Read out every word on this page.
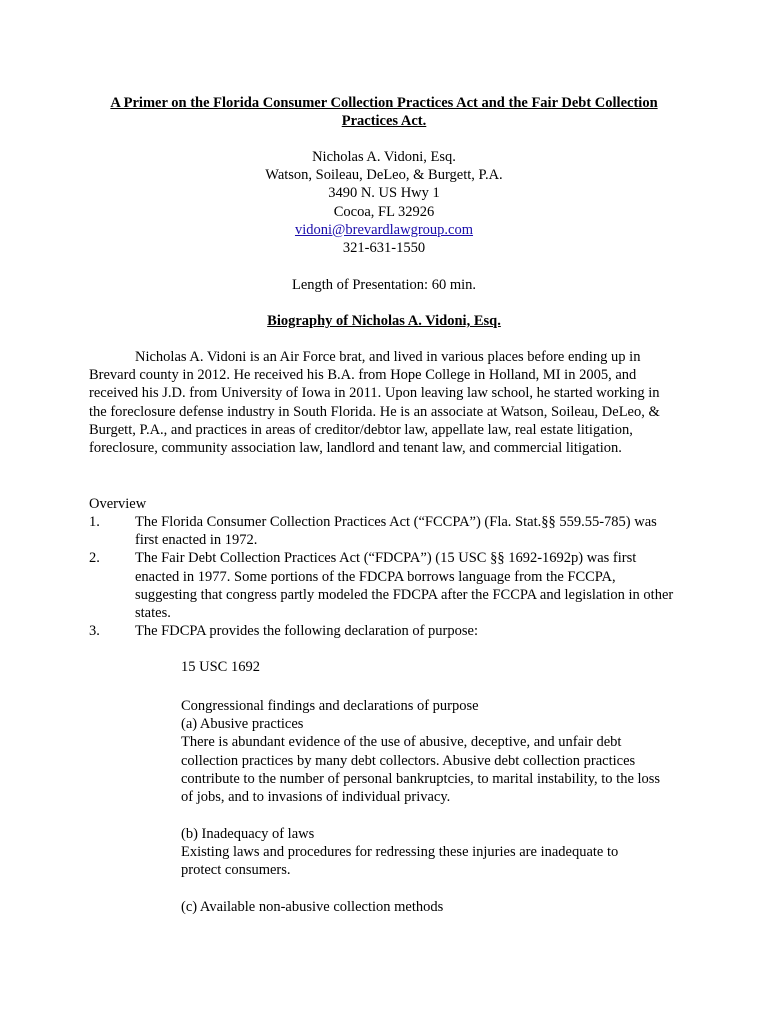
A Primer on the Florida Consumer Collection Practices Act and the Fair Debt Collection Practices Act.
Nicholas A. Vidoni, Esq.
Watson, Soileau, DeLeo, & Burgett, P.A.
3490 N. US Hwy 1
Cocoa, FL 32926
vidoni@brevardlawgroup.com
321-631-1550
Length of Presentation: 60 min.
Biography of Nicholas A. Vidoni, Esq.
Nicholas A. Vidoni is an Air Force brat, and lived in various places before ending up in Brevard county in 2012. He received his B.A. from Hope College in Holland, MI in 2005, and received his J.D. from University of Iowa in 2011. Upon leaving law school, he started working in the foreclosure defense industry in South Florida. He is an associate at Watson, Soileau, DeLeo, & Burgett, P.A., and practices in areas of creditor/debtor law, appellate law, real estate litigation, foreclosure, community association law, landlord and tenant law, and commercial litigation.
Overview
1.	The Florida Consumer Collection Practices Act (“FCCPA”) (Fla. Stat.§§ 559.55-785) was first enacted in 1972.
2.	The Fair Debt Collection Practices Act (“FDCPA”) (15 USC §§ 1692-1692p) was first enacted in 1977. Some portions of the FDCPA borrows language from the FCCPA, suggesting that congress partly modeled the FDCPA after the FCCPA and legislation in other states.
3.	The FDCPA provides the following declaration of purpose:
15 USC 1692
Congressional findings and declarations of purpose
(a) Abusive practices
There is abundant evidence of the use of abusive, deceptive, and unfair debt collection practices by many debt collectors. Abusive debt collection practices contribute to the number of personal bankruptcies, to marital instability, to the loss of jobs, and to invasions of individual privacy.
(b) Inadequacy of laws
Existing laws and procedures for redressing these injuries are inadequate to protect consumers.
(c) Available non-abusive collection methods
